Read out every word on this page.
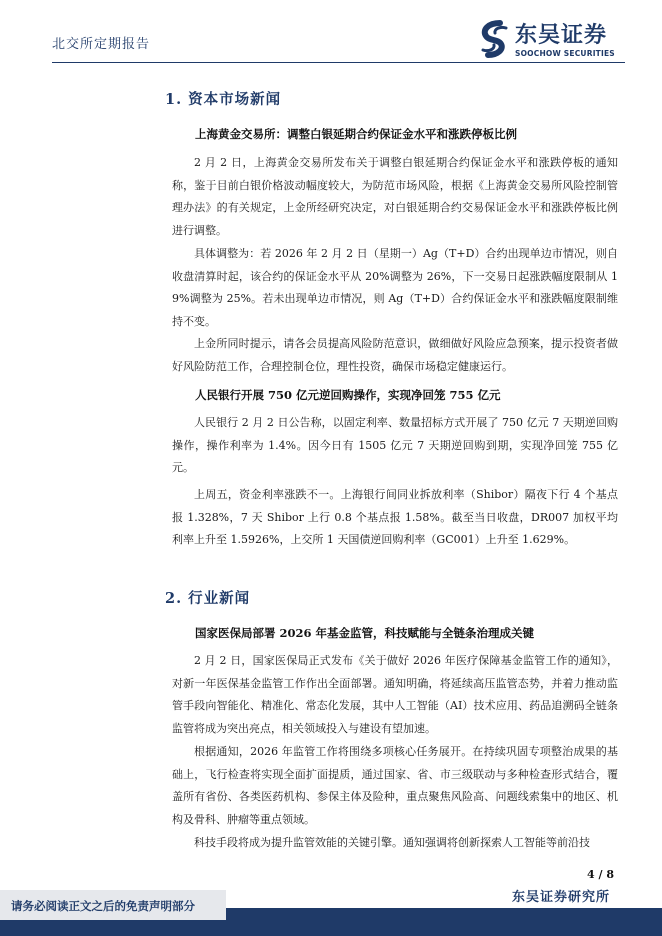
北交所定期报告	东吴证券
SOOCHOW SECURITIES
1. 资本市场新闻
上海黄金交易所：调整白银延期合约保证金水平和涨跌停板比例

2 月 2 日，上海黄金交易所发布关于调整白银延期合约保证金水平和涨跌停板的通知称，鉴于目前白银价格波动幅度较大，为防范市场风险，根据《上海黄金交易所风险控制管理办法》的有关规定，上金所经研究决定，对白银延期合约交易保证金水平和涨跌停板比例进行调整。

具体调整为：若 2026 年 2 月 2 日（星期一）Ag（T+D）合约出现单边市情况，则自收盘清算时起，该合约的保证金水平从 20%调整为 26%，下一交易日起涨跌幅度限制从 19%调整为 25%。若未出现单边市情况，则 Ag（T+D）合约保证金水平和涨跌幅度限制维持不变。

上金所同时提示，请各会员提高风险防范意识，做细做好风险应急预案，提示投资者做好风险防范工作，合理控制仓位，理性投资，确保市场稳定健康运行。

人民银行开展 750 亿元逆回购操作，实现净回笼 755 亿元

人民银行 2 月 2 日公告称，以固定利率、数量招标方式开展了 750 亿元 7 天期逆回购操作，操作利率为 1.4%。因今日有 1505 亿元 7 天期逆回购到期，实现净回笼 755 亿元。

上周五，资金利率涨跌不一。上海银行间同业拆放利率（Shibor）隔夜下行 4 个基点报 1.328%，7 天 Shibor 上行 0.8 个基点报 1.58%。截至当日收盘，DR007 加权平均利率上升至 1.5926%，上交所 1 天国债逆回购利率（GC001）上升至 1.629%。

2. 行业新闻
国家医保局部署 2026 年基金监管，科技赋能与全链条治理成关键

2 月 2 日，国家医保局正式发布《关于做好 2026 年医疗保障基金监管工作的通知》，对新一年医保基金监管工作作出全面部署。通知明确，将延续高压监管态势，并着力推动监管手段向智能化、精准化、常态化发展，其中人工智能（AI）技术应用、药品追溯码全链条监管将成为突出亮点，相关领域投入与建设有望加速。

根据通知，2026 年监管工作将围绕多项核心任务展开。在持续巩固专项整治成果的基础上，飞行检查将实现全面扩面提质，通过国家、省、市三级联动与多种检查形式结合，覆盖所有省份、各类医药机构、参保主体及险种，重点聚焦风险高、问题线索集中的地区、机构及骨科、肿瘤等重点领域。

科技手段将成为提升监管效能的关键引擎。通知强调将创新探索人工智能等前沿技

4 / 8
东吴证券研究所
请务必阅读正文之后的免责声明部分
